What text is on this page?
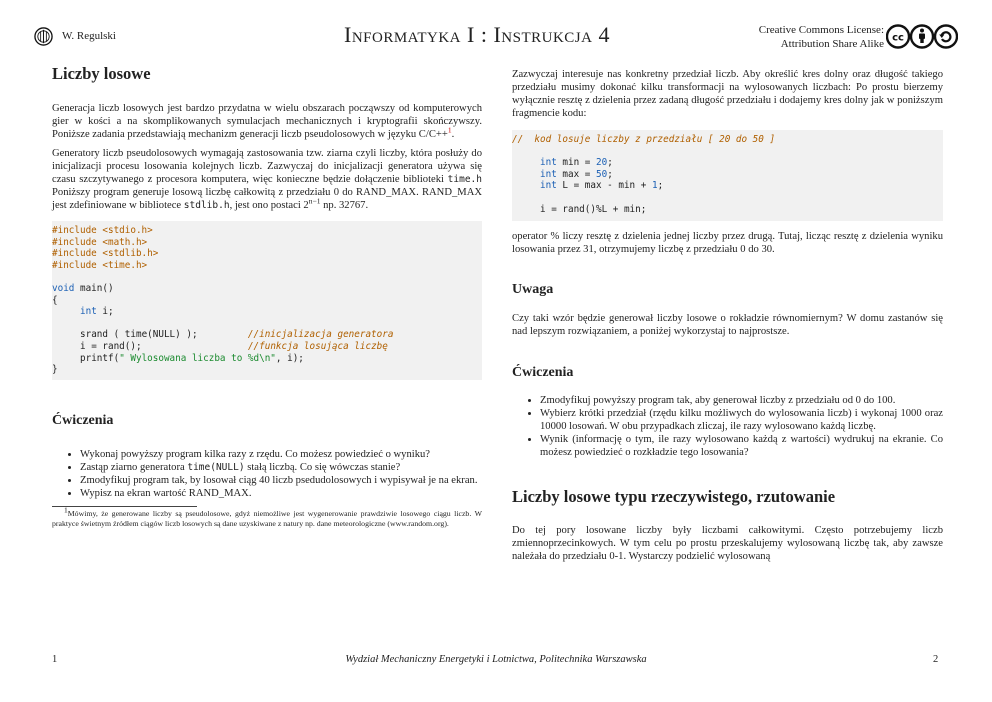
W. Regulski	Informatyka I : Instrukcja 4	Creative Commons License:
Attribution Share Alike cc
Liczby losowe

Generacja liczb losowych jest bardzo przydatna w wielu obszarach począwszy od komputerowych gier w kości a na skomplikowanych symulacjach mechanicznych i kryptografii skończywszy. Poniższe zadania przedstawiają mechanizm generacji liczb pseudolosowych w języku C/C++$^1$.

Generatory liczb pseudolosowych wymagają zastosowania tzw. ziarna czyli liczby, która posłuży do inicjalizacji procesu losowania kolejnych liczb. Zazwyczaj do inicjalizacji generatora używa się czasu szczytywanego z procesora komputera, więc konieczne będzie dołączenie biblioteki time.h Poniższy program generuje losową liczbę całkowitą z przedziału 0 do RAND_MAX. RAND_MAX jest zdefiniowane w bibliotece stdlib.h, jest ono postaci $2^{n-1}$ np. 32767.

#include <stdio.h>
#include <math.h>
#include <stdlib.h>
#include <time.h>

void main()
{
int i;

srand ( time(NULL) );	//inicjalizacja generatora
i = rand();	//funkcja losująca liczbę
printf(" Wylosowana liczba to %d\n", i);
}
Ćwiczenia
• Wykonaj powyższy program kilka razy z rzędu. Co możesz powiedzieć o wyniku?
• Zastąp ziarno generatora time(NULL) stałą liczbą. Co się wówczas stanie?
• Zmodyfikuj program tak, by losował ciąg 40 liczb psedudolosowych i wypisywał je na ekran.
• Wypisz na ekran wartość RAND_MAX.

$^1$Mówimy, że generowane liczby są pseudolosowe, gdyż niemożliwe jest wygenerowanie prawdziwie losowego ciągu liczb. W praktyce świetnym źródłem ciągów liczb losowych są dane uzyskiwane z natury np. dane meteorologiczne (www.random.org).

Zazwyczaj interesuje nas konkretny przedział liczb. Aby określić kres dolny oraz długość takiego przedziału musimy dokonać kilku transformacji na wylosowanych liczbach: Po prostu bierzemy wyłącznie resztę z dzielenia przez zadaną długość przedziału i dodajemy kres dolny jak w poniższym fragmencie kodu:

//  kod losuje liczby z przedziału [ 20 do 50 ]

int min = 20;
int max = 50;
int L = max - min + 1;

i = rand()%L + min;

operator % liczy resztę z dzielenia jednej liczby przez drugą. Tutaj, licząc resztę z dzielenia wyniku losowania przez 31, otrzymujemy liczbę z przedziału 0 do 30.

Uwaga

Czy taki wzór będzie generował liczby losowe o rokładzie równomiernym? W domu zastanów się nad lepszym rozwiązaniem, a poniżej wykorzystaj to najprostsze.

Ćwiczenia
• Zmodyfikuj powyższy program tak, aby generował liczby z przedziału od 0 do 100.
• Wybierz krótki przedział (rzędu kilku możliwych do wylosowania liczb) i wykonaj 1000 oraz 10000 losowań. W obu przypadkach zliczaj, ile razy wylosowano każdą liczbę.
• Wynik (informację o tym, ile razy wylosowano każdą z wartości) wydrukuj na ekranie. Co możesz powiedzieć o rozkładzie tego losowania?
Liczby losowe typu rzeczywistego, rzutowanie

Do tej pory losowane liczby były liczbami całkowitymi. Często potrzebujemy liczb zmiennoprzecinkowych. W tym celu po prostu przeskalujemy wylosowaną liczbę tak, aby zawsze należała do przedziału 0-1. Wystarczy podzielić wylosowaną

1	Wydział Mechaniczny Energetyki i Lotnictwa, Politechnika Warszawska	2
